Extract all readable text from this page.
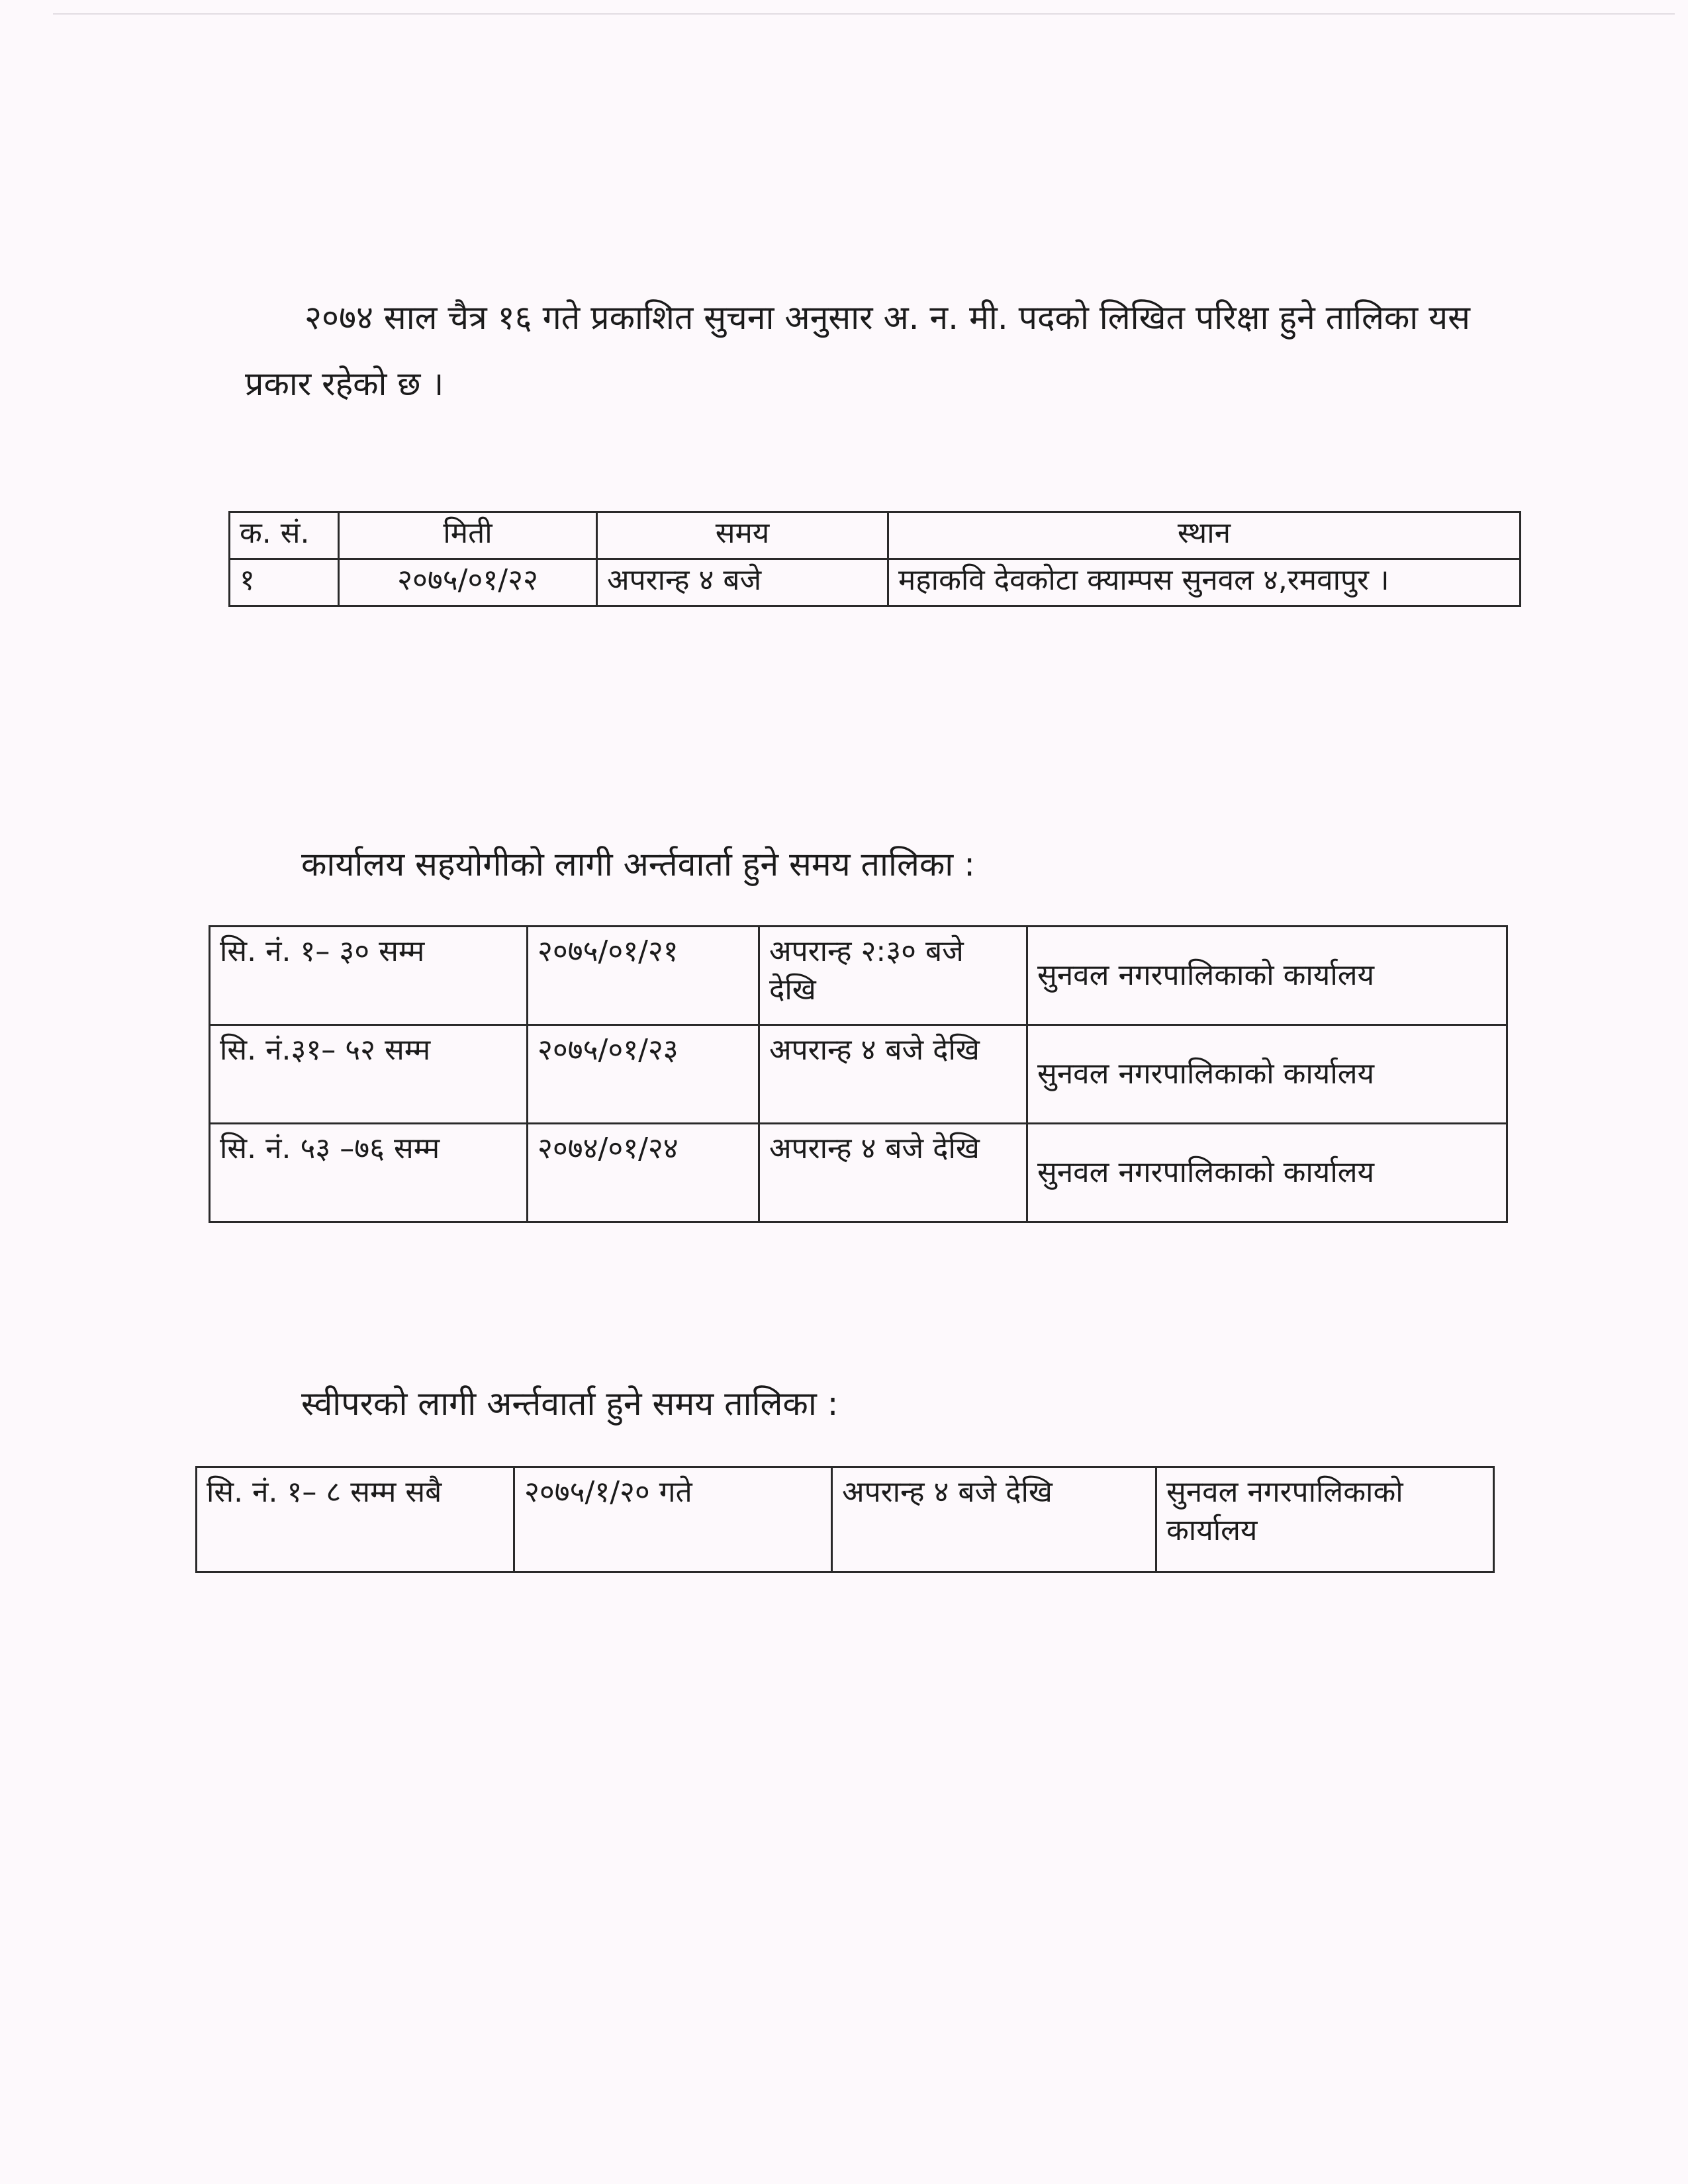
२०७४ साल चैत्र १६ गते प्रकाशित सुचना अनुसार अ. न. मी. पदको लिखित परिक्षा हुने तालिका यस प्रकार रहेको छ ।

क. सं.	मिती	समय	स्थान
१	२०७५/०१/२२	अपरान्ह ४ बजे	महाकवि देवकोटा क्याम्पस सुनवल ४,रमवापुर ।
कार्यालय सहयोगीको लागी अर्न्तवार्ता हुने समय तालिका :
सि. नं. १– ३० सम्म	२०७५/०१/२१	अपरान्ह २:३० बजे देखि	सुनवल नगरपालिकाको कार्यालय
सि. नं.३१– ५२ सम्म	२०७५/०१/२३	अपरान्ह ४ बजे देखि	सुनवल नगरपालिकाको कार्यालय
सि. नं. ५३ –७६ सम्म	२०७४/०१/२४	अपरान्ह ४ बजे देखि	सुनवल नगरपालिकाको कार्यालय
स्वीपरको लागी अर्न्तवार्ता हुने समय तालिका :
सि. नं. १– ८ सम्म सबै	२०७५/१/२० गते	अपरान्ह ४ बजे देखि	सुनवल नगरपालिकाको कार्यालय
